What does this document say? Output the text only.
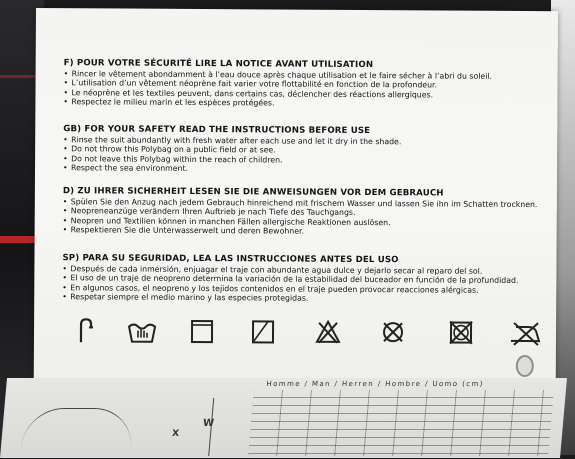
F) POUR VOTRE SÉCURITÉ LIRE LA NOTICE AVANT UTILISATION
• Rincer le vêtement abondamment à l’eau douce après chaque utilisation et le faire sécher à l’abri du soleil.
• L’utilisation d’un vêtement néoprène fait varier votre flottabilité en fonction de la profondeur.
• Le néoprène et les textiles peuvent, dans certains cas, déclencher des réactions allergiques.
• Respectez le milieu marin et les espèces protégées.
GB) FOR YOUR SAFETY READ THE INSTRUCTIONS BEFORE USE
• Rinse the suit abundantly with fresh water after each use and let it dry in the shade.
• Do not throw this Polybag on a public field or at see.
• Do not leave this Polybag within the reach of children.
• Respect the sea environment.
D) ZU IHRER SICHERHEIT LESEN SIE DIE ANWEISUNGEN VOR DEM GEBRAUCH
• Spülen Sie den Anzug nach jedem Gebrauch hinreichend mit frischem Wasser und lassen Sie ihn im Schatten trocknen.
• Neopreneanzüge verändern Ihren Auftrieb je nach Tiefe des Tauchgangs.
• Neopren und Textilien können in manchen Fällen allergische Reaktionen auslösen.
• Respektieren Sie die Unterwasserwelt und deren Bewohner.
SP) PARA SU SEGURIDAD, LEA LAS INSTRUCCIONES ANTES DEL USO
• Después de cada inmersión, enjuagar el traje con abundante agua dulce y dejarlo secar al reparo del sol.
• El uso de un traje de neopreno determina la variación de la estabilidad del buceador en función de la profundidad.
• En algunos casos, el neopreno y los tejidos contenidos en el traje pueden provocar reacciones alérgicas.
• Respetar siempre el medio marino y las especies protegidas.
Homme / Man / Herren / Hombre / Uomo (cm)
W
X
